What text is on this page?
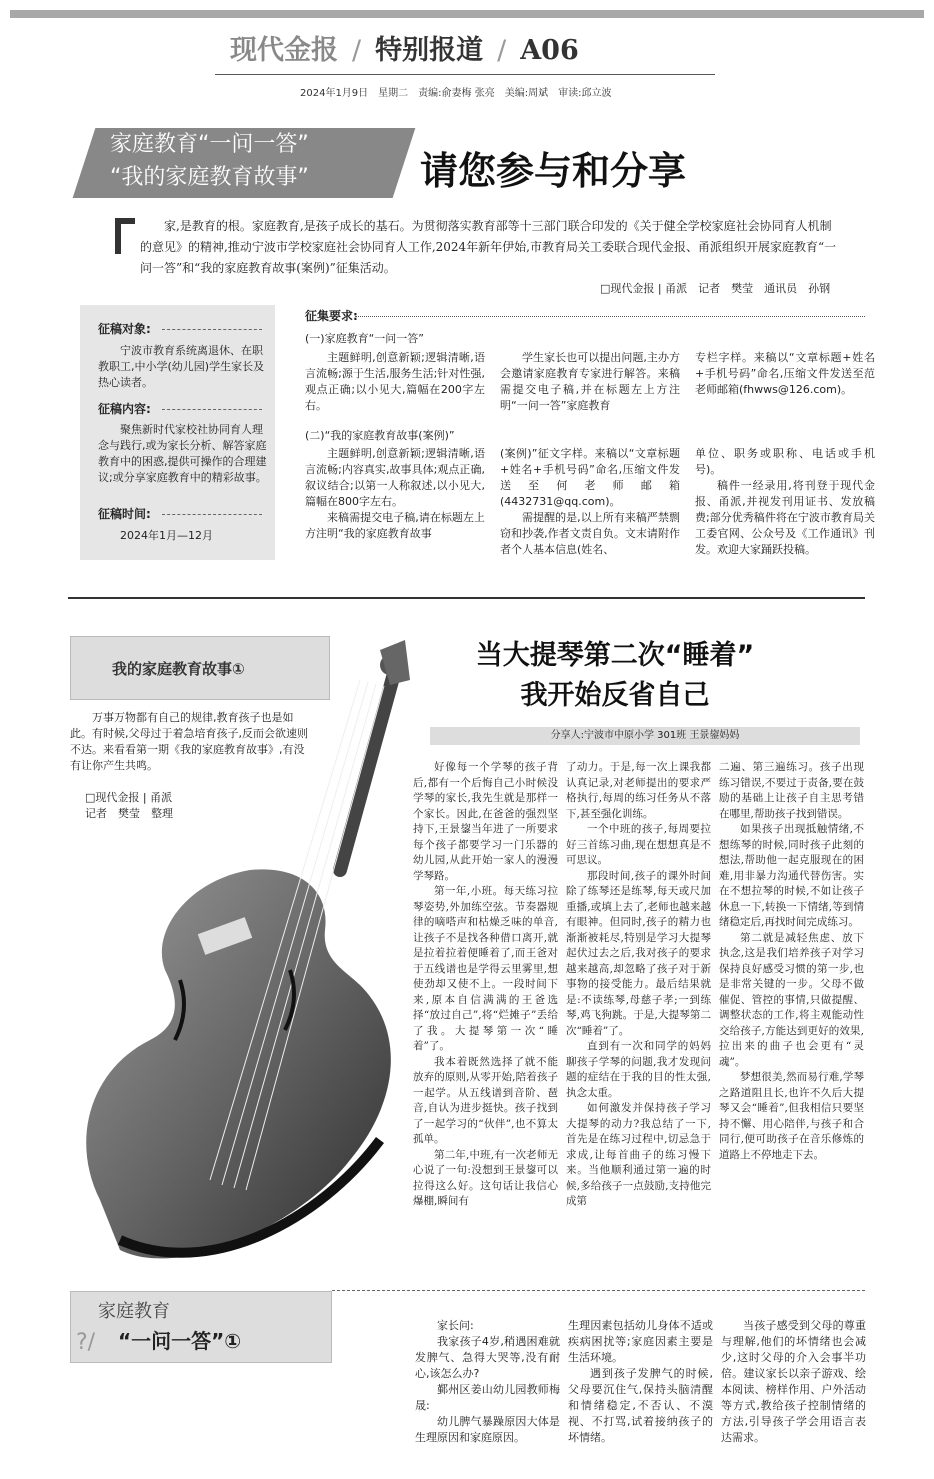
现代金报 / 特别报道 / A06
2024年1月9日　星期二　责编:俞妻梅 张亮　美编:周斌　审读:邱立波
家庭教育“一问一答”
“我的家庭教育故事”	请您参与和分享
家,是教育的根。家庭教育,是孩子成长的基石。为贯彻落实教育部等十三部门联合印发的《关于健全学校家庭社会协同育人机制的意见》的精神,推动宁波市学校家庭社会协同育人工作,2024年新年伊始,市教育局关工委联合现代金报、甬派组织开展家庭教育“一问一答”和“我的家庭教育故事(案例)”征集活动。
□现代金报 | 甬派　记者　樊莹　通讯员　孙钢
征稿对象:
宁波市教育系统离退休、在职教职工,中小学(幼儿园)学生家长及热心读者。
征稿内容:
聚焦新时代家校社协同育人理念与践行,或为家长分析、解答家庭教育中的困惑,提供可操作的合理建议;或分享家庭教育中的精彩故事。
征稿时间:
2024年1月—12月
征集要求:
(一)家庭教育“一问一答”

主题鲜明,创意新颖;逻辑清晰,语言流畅;源于生活,服务生活;针对性强,观点正确;以小见大,篇幅在200字左右。

学生家长也可以提出问题,主办方会邀请家庭教育专家进行解答。来稿需提交电子稿,并在标题左上方注明“一问一答”家庭教育

专栏字样。来稿以“文章标题+姓名+手机号码”命名,压缩文件发送至范老师邮箱(fhwws@126.com)。

(二)“我的家庭教育故事(案例)”

主题鲜明,创意新颖;逻辑清晰,语言流畅;内容真实,故事具体;观点正确,叙议结合;以第一人称叙述,以小见大,篇幅在800字左右。

来稿需提交电子稿,请在标题左上方注明“我的家庭教育故事

(案例)”征文字样。来稿以“文章标题+姓名+手机号码”命名,压缩文件发送至何老师邮箱(4432731@qq.com)。

需提醒的是,以上所有来稿严禁剽窃和抄袭,作者文责自负。文末请附作者个人基本信息(姓名、

单位、职务或职称、电话或手机号)。

稿件一经录用,将刊登于现代金报、甬派,并视发刊用证书、发放稿费;部分优秀稿件将在宁波市教育局关工委官网、公众号及《工作通讯》刊发。欢迎大家踊跃投稿。

我的家庭教育故事①
万事万物都有自己的规律,教育孩子也是如此。有时候,父母过于着急培育孩子,反而会欲速则不达。来看看第一期《我的家庭教育故事》,有没有让你产生共鸣。
□现代金报 | 甬派
记者　樊莹　整理
当大提琴第二次“睡着”
我开始反省自己
分享人:宁波市中原小学 301班 王景鋆妈妈

好像每一个学琴的孩子背后,都有一个后悔自己小时候没学琴的家长,我先生就是那样一个家长。因此,在爸爸的强烈坚持下,王景鋆当年进了一所要求每个孩子都要学习一门乐器的幼儿园,从此开始一家人的漫漫学琴路。

第一年,小班。每天练习拉琴姿势,外加练空弦。节奏器规律的嘀嗒声和枯燥乏味的单音,让孩子不是找各种借口离开,就是拉着拉着便睡着了,而王爸对于五线谱也是学得云里雾里,想使劲却又使不上。一段时间下来,原本自信满满的王爸选择“放过自己”,将“烂摊子”丢给了我。大提琴第一次“睡着”了。

我本着既然选择了就不能放弃的原则,从零开始,陪着孩子一起学。从五线谱到音阶、琶音,自认为进步挺快。孩子找到了一起学习的“伙伴”,也不算太孤单。

第二年,中班,有一次老师无心说了一句:没想到王景鋆可以拉得这么好。这句话让我信心爆棚,瞬间有

了动力。于是,每一次上课我都认真记录,对老师提出的要求严格执行,每周的练习任务从不落下,甚至强化训练。

一个中班的孩子,每周要拉好三首练习曲,现在想想真是不可思议。

那段时间,孩子的课外时间除了练琴还是练琴,每天或尺加重播,或填上去了,老师也越来越有眼神。但同时,孩子的精力也渐渐被耗尽,特别是学习大提琴起伏过去之后,我对孩子的要求越来越高,却忽略了孩子对于新事物的接受能力。最后结果就是:不读练琴,母慈子孝;一到练琴,鸡飞狗跳。于是,大提琴第二次“睡着”了。

直到有一次和同学的妈妈聊孩子学琴的问题,我才发现问题的症结在于我的目的性太强,执念太重。

如何激发并保持孩子学习大提琴的动力?我总结了一下,首先是在练习过程中,切忌急于求成,让每首曲子的练习慢下来。当他顺利通过第一遍的时候,多给孩子一点鼓励,支持他完成第

二遍、第三遍练习。孩子出现练习错误,不要过于责备,要在鼓励的基础上让孩子自主思考错在哪里,帮助孩子找到错误。

如果孩子出现抵触情绪,不想练琴的时候,同时孩子此刻的想法,帮助他一起克服现在的困难,用非暴力沟通代替伤害。实在不想拉琴的时候,不如让孩子休息一下,转换一下情绪,等到情绪稳定后,再找时间完成练习。

第二就是减轻焦虑、放下执念,这是我们培养孩子对学习保持良好感受习惯的第一步,也是非常关键的一步。父母不做催促、管控的事情,只做提醒、调整状态的工作,将主观能动性交给孩子,方能达到更好的效果,拉出来的曲子也会更有“灵魂”。

梦想很美,然而易行难,学琴之路道阻且长,也许不久后大提琴又会“睡着”,但我相信只要坚持不懈、用心陪伴,与孩子和合同行,便可助孩子在音乐修炼的道路上不停地走下去。

?/
家庭教育
“一问一答”①

家长问:

我家孩子4岁,稍遇困难就发脾气、急得大哭等,没有耐心,该怎么办?

鄞州区姜山幼儿园教师梅晟:

幼儿脾气暴躁原因大体是生理原因和家庭原因。

生理因素包括幼儿身体不适或疾病困扰等;家庭因素主要是生活环境。

遇到孩子发脾气的时候,父母要沉住气,保持头脑清醒和情绪稳定,不否认、不漠视、不打骂,试着接纳孩子的坏情绪。

当孩子感受到父母的尊重与理解,他们的坏情绪也会减少,这时父母的介入会事半功倍。建议家长以亲子游戏、绘本阅读、榜样作用、户外活动等方式,教给孩子控制情绪的方法,引导孩子学会用语言表达需求。
